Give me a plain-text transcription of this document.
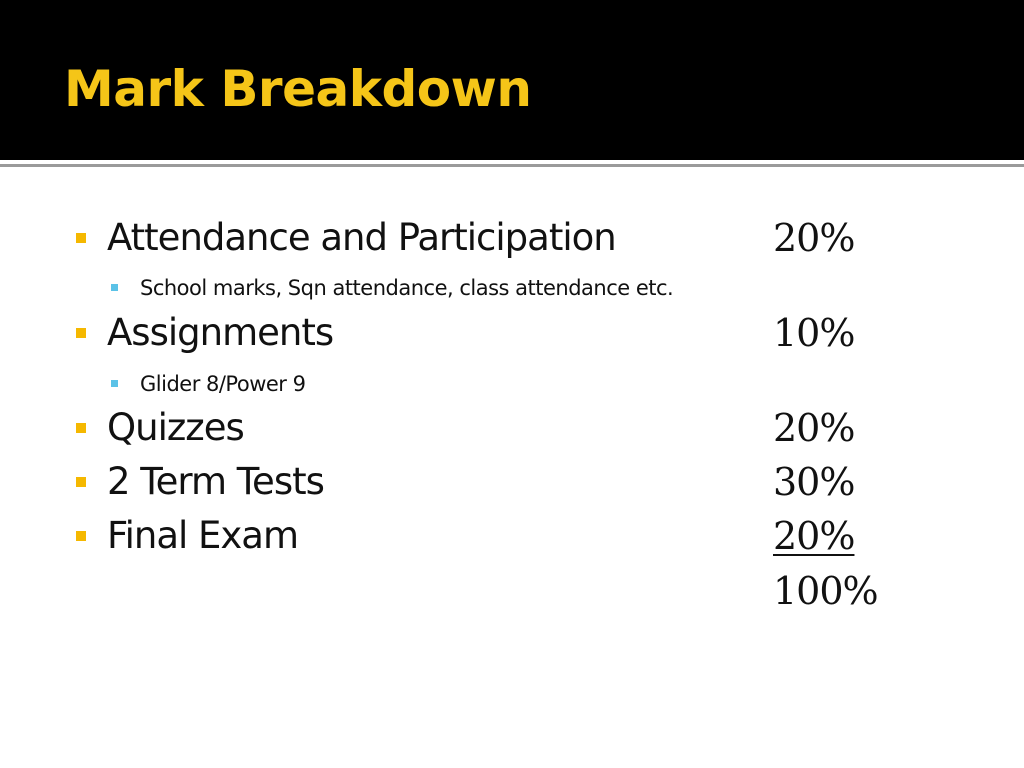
Mark Breakdown
Attendance and Participation	20%
School marks, Sqn attendance, class attendance etc.
Assignments	10%
Glider 8/Power 9
Quizzes	20%
2 Term Tests	30%
Final Exam	20%
100%
